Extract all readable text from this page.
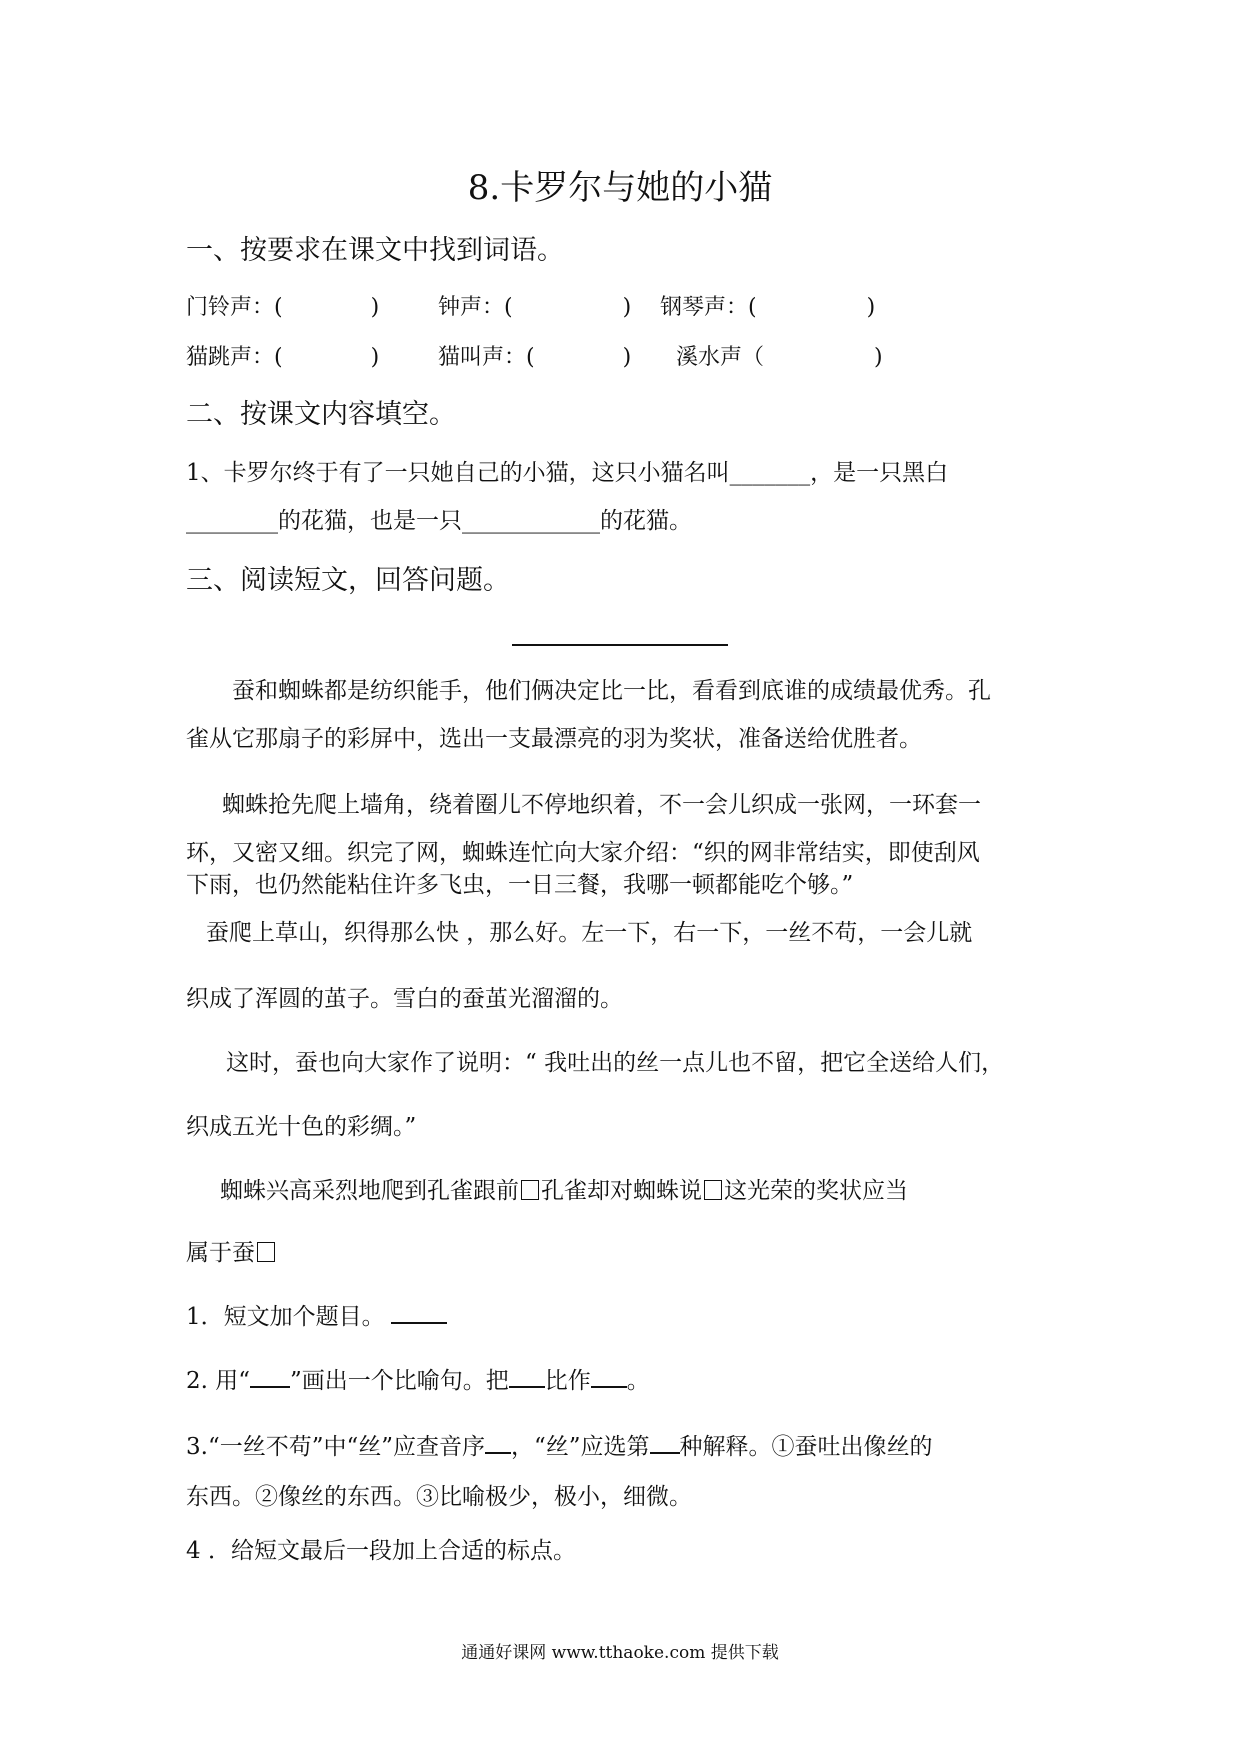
8.卡罗尔与她的小猫
一、按要求在课文中找到词语。
门铃声：(　　　　)	钟声：(　　　　　) 钢琴声：(　　　　　)
猫跳声：(　　　　)	猫叫声：(　　　　) 溪水声（　　　　　)
二、按课文内容填空。
1、卡罗尔终于有了一只她自己的小猫，这只小猫名叫_______，是一只黑白
________的花猫，也是一只____________的花猫。
三、阅读短文，回答问题。
蚕和蜘蛛都是纺织能手，他们俩决定比一比，看看到底谁的成绩最优秀。孔
雀从它那扇子的彩屏中，选出一支最漂亮的羽为奖状，准备送给优胜者。
蜘蛛抢先爬上墙角，绕着圈儿不停地织着，不一会儿织成一张网，一环套一
环，又密又细。织完了网，蜘蛛连忙向大家介绍：“织的网非常结实，即使刮风
下雨，也仍然能粘住许多飞虫，一日三餐，我哪一顿都能吃个够。”
蚕爬上草山，织得那么快 ，那么好。左一下，右一下，一丝不苟，一会儿就
织成了浑圆的茧子。雪白的蚕茧光溜溜的。
这时，蚕也向大家作了说明：“ 我吐出的丝一点儿也不留，把它全送给人们，
织成五光十色的彩绸。”
蜘蛛兴高采烈地爬到孔雀跟前 孔雀却对蜘蛛说 这光荣的奖状应当
属于蚕
1．短文加个题目。
2. 用“ ”画出一个比喻句。把 比作 。
3.“一丝不苟”中“丝”应查音序 ，“丝”应选第 种解释。①蚕吐出像丝的
东西。②像丝的东西。③比喻极少，极小，细微。
4 ．给短文最后一段加上合适的标点。
通通好课网 www.tthaoke.com 提供下载
